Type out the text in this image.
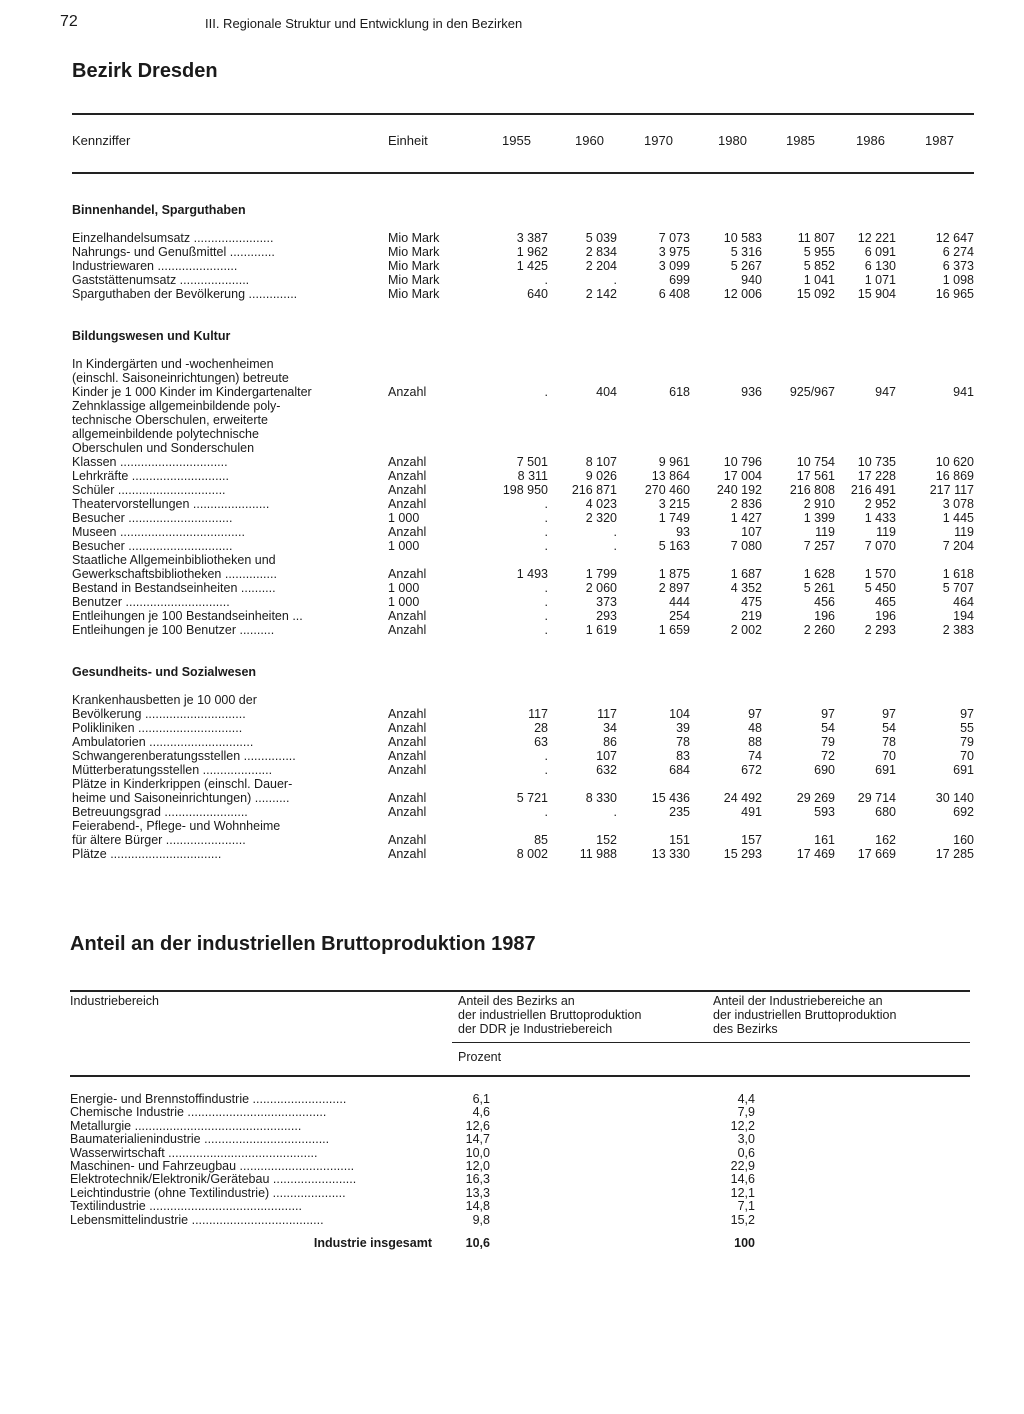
72	III. Regionale Struktur und Entwicklung in den Bezirken
Bezirk Dresden
Kennziffer	Einheit	1955	1960	1970	1980	1985	1986	1987
Binnenhandel, Sparguthaben
Einzelhandelsumsatz .......................	Mio Mark	3 387	5 039	7 073	10 583	11 807	12 221	12 647
Nahrungs- und Genußmittel .............	Mio Mark	1 962	2 834	3 975	5 316	5 955	6 091	6 274
Industriewaren .......................	Mio Mark	1 425	2 204	3 099	5 267	5 852	6 130	6 373
Gaststättenumsatz ....................	Mio Mark	.	.	699	940	1 041	1 071	1 098
Sparguthaben der Bevölkerung ..............	Mio Mark	640	2 142	6 408	12 006	15 092	15 904	16 965
Bildungswesen und Kultur
In Kindergärten und -wochenheimen
(einschl. Saisoneinrichtungen) betreute
Kinder je 1 000 Kinder im Kindergartenalter	Anzahl	.	404	618	936	925/967	947	941
Zehnklassige allgemeinbildende poly-
technische Oberschulen, erweiterte
allgemeinbildende polytechnische
Oberschulen und Sonderschulen
Klassen ...............................	Anzahl	7 501	8 107	9 961	10 796	10 754	10 735	10 620
Lehrkräfte ............................	Anzahl	8 311	9 026	13 864	17 004	17 561	17 228	16 869
Schüler ...............................	Anzahl	198 950	216 871	270 460	240 192	216 808	216 491	217 117
Theatervorstellungen ......................	Anzahl	.	4 023	3 215	2 836	2 910	2 952	3 078
Besucher ..............................	1 000	.	2 320	1 749	1 427	1 399	1 433	1 445
Museen ....................................	Anzahl	.	.	93	107	119	119	119
Besucher ..............................	1 000	.	.	5 163	7 080	7 257	7 070	7 204
Staatliche Allgemeinbibliotheken und
Gewerkschaftsbibliotheken ...............	Anzahl	1 493	1 799	1 875	1 687	1 628	1 570	1 618
Bestand in Bestandseinheiten ..........	1 000	.	2 060	2 897	4 352	5 261	5 450	5 707
Benutzer ..............................	1 000	.	373	444	475	456	465	464
Entleihungen je 100 Bestandseinheiten ...	Anzahl	.	293	254	219	196	196	194
Entleihungen je 100 Benutzer ..........	Anzahl	.	1 619	1 659	2 002	2 260	2 293	2 383
Gesundheits- und Sozialwesen
Krankenhausbetten je 10 000 der
Bevölkerung .............................	Anzahl	117	117	104	97	97	97	97
Polikliniken ..............................	Anzahl	28	34	39	48	54	54	55
Ambulatorien ..............................	Anzahl	63	86	78	88	79	78	79
Schwangerenberatungsstellen ...............	Anzahl	.	107	83	74	72	70	70
Mütterberatungsstellen ....................	Anzahl	.	632	684	672	690	691	691
Plätze in Kinderkrippen (einschl. Dauer-
heime und Saisoneinrichtungen) ..........	Anzahl	5 721	8 330	15 436	24 492	29 269	29 714	30 140
Betreuungsgrad ........................	Anzahl	.	.	235	491	593	680	692
Feierabend-, Pflege- und Wohnheime
für ältere Bürger .......................	Anzahl	85	152	151	157	161	162	160
Plätze ................................	Anzahl	8 002	11 988	13 330	15 293	17 469	17 669	17 285
Anteil an der industriellen Bruttoproduktion 1987
Industriebereich	Anteil des Bezirks an
der industriellen Bruttoproduktion
der DDR je Industriebereich
Anteil der Industriebereiche an
der industriellen Bruttoproduktion
des Bezirks
Prozent
Energie- und Brennstoffindustrie ...........................	6,1	4,4
Chemische Industrie ........................................	4,6	7,9
Metallurgie ................................................	12,6	12,2
Baumaterialienindustrie ....................................	14,7	3,0
Wasserwirtschaft ...........................................	10,0	0,6
Maschinen- und Fahrzeugbau .................................	12,0	22,9
Elektrotechnik/Elektronik/Gerätebau ........................	16,3	14,6
Leichtindustrie (ohne Textilindustrie) .....................	13,3	12,1
Textilindustrie ............................................	14,8	7,1
Lebensmittelindustrie ......................................	9,8	15,2
Industrie insgesamt	10,6	100
